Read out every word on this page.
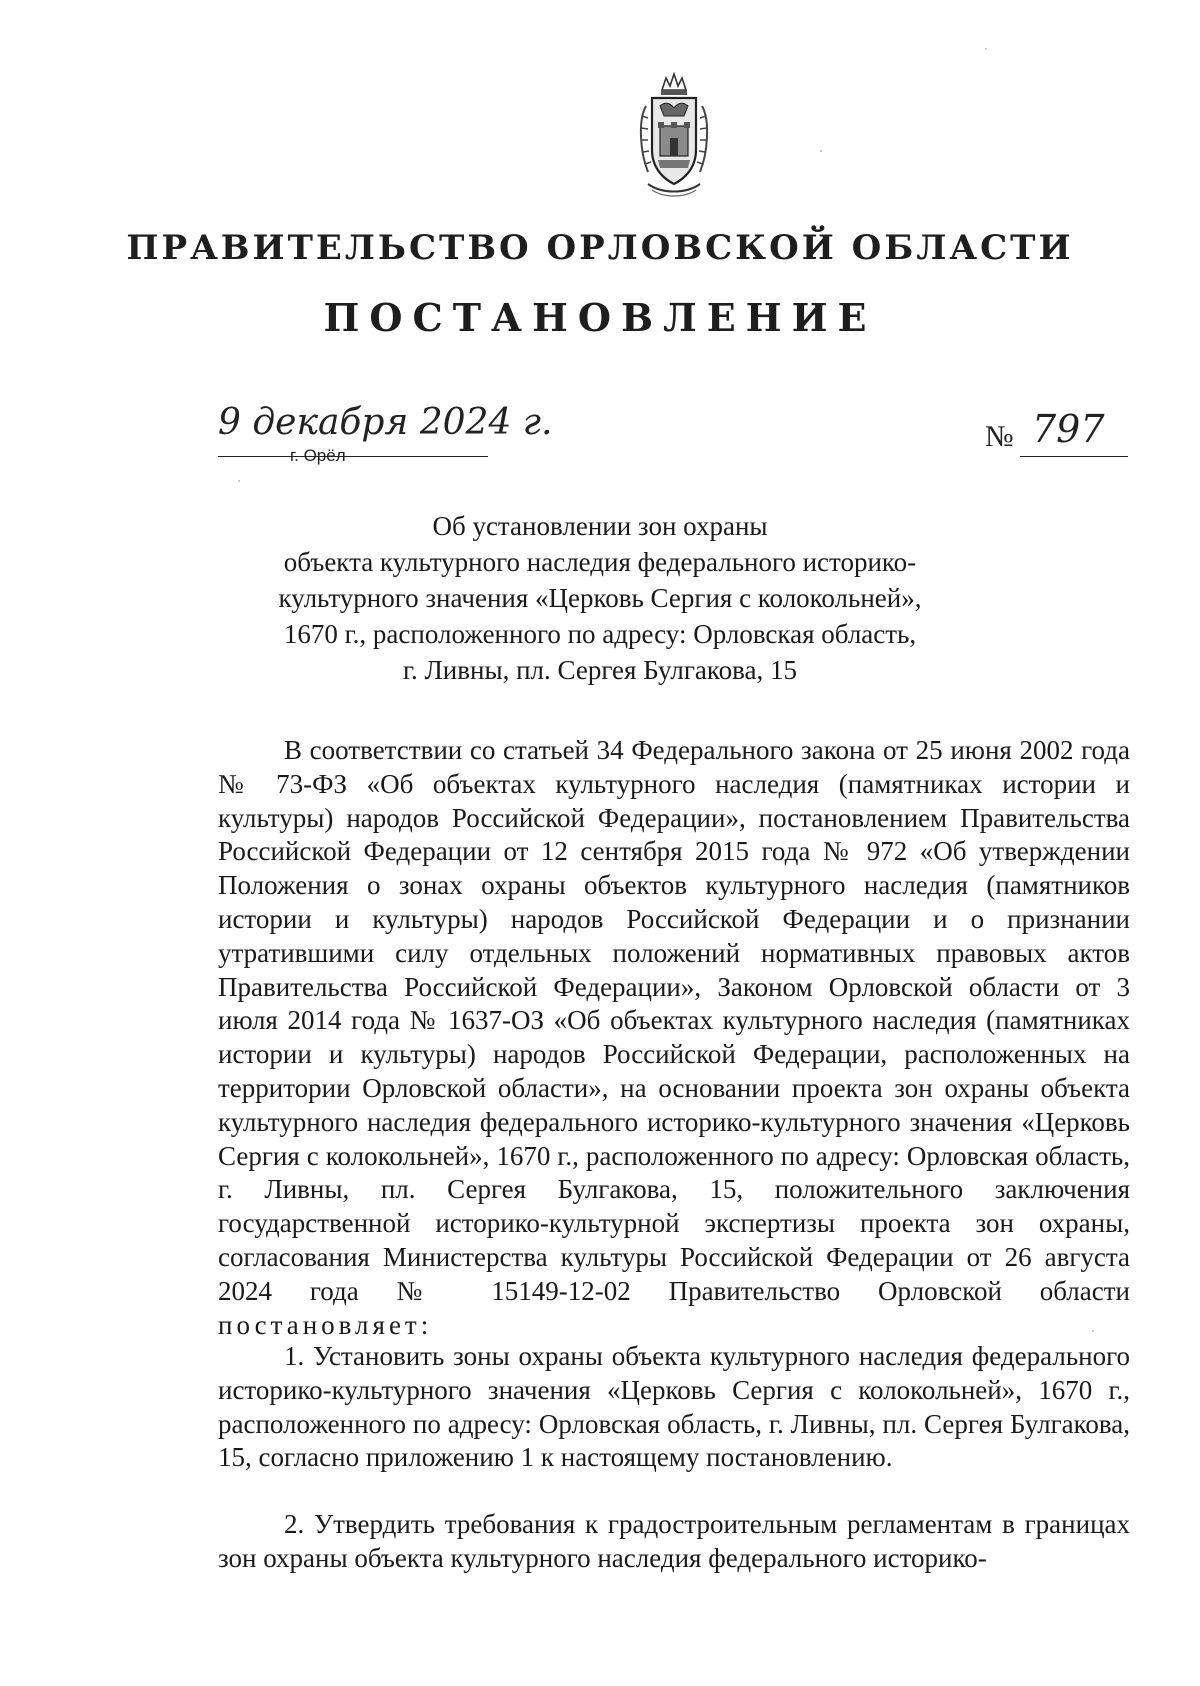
ПРАВИТЕЛЬСТВО ОРЛОВСКОЙ ОБЛАСТИ
ПОСТАНОВЛЕНИЕ
9 декабря 2024 г.
г. Орёл
№ 797
Об установлении зон охраны
объекта культурного наследия федерального историко-
культурного значения «Церковь Сергия с колокольней»,
1670 г., расположенного по адресу: Орловская область,
г. Ливны, пл. Сергея Булгакова, 15

В соответствии со статьей 34 Федерального закона от 25 июня 2002 года № 73-ФЗ «Об объектах культурного наследия (памятниках истории и культуры) народов Российской Федерации», постановлением Правительства Российской Федерации от 12 сентября 2015 года № 972 «Об утверждении Положения о зонах охраны объектов культурного наследия (памятников истории и культуры) народов Российской Федерации и о признании утратившими силу отдельных положений нормативных правовых актов Правительства Российской Федерации», Законом Орловской области от 3 июля 2014 года № 1637-ОЗ «Об объектах культурного наследия (памятниках истории и культуры) народов Российской Федерации, расположенных на территории Орловской области», на основании проекта зон охраны объекта культурного наследия федерального историко-культурного значения «Церковь Сергия с колокольней», 1670 г., расположенного по адресу: Орловская область, г. Ливны, пл. Сергея Булгакова, 15, положительного заключения государственной историко-культурной экспертизы проекта зон охраны, согласования Министерства культуры Российской Федерации от 26 августа 2024 года № 15149-12-02 Правительство Орловской области постановляет:

1. Установить зоны охраны объекта культурного наследия федерального историко-культурного значения «Церковь Сергия с колокольней», 1670 г., расположенного по адресу: Орловская область, г. Ливны, пл. Сергея Булгакова, 15, согласно приложению 1 к настоящему постановлению.

2. Утвердить требования к градостроительным регламентам в границах зон охраны объекта культурного наследия федерального историко-
